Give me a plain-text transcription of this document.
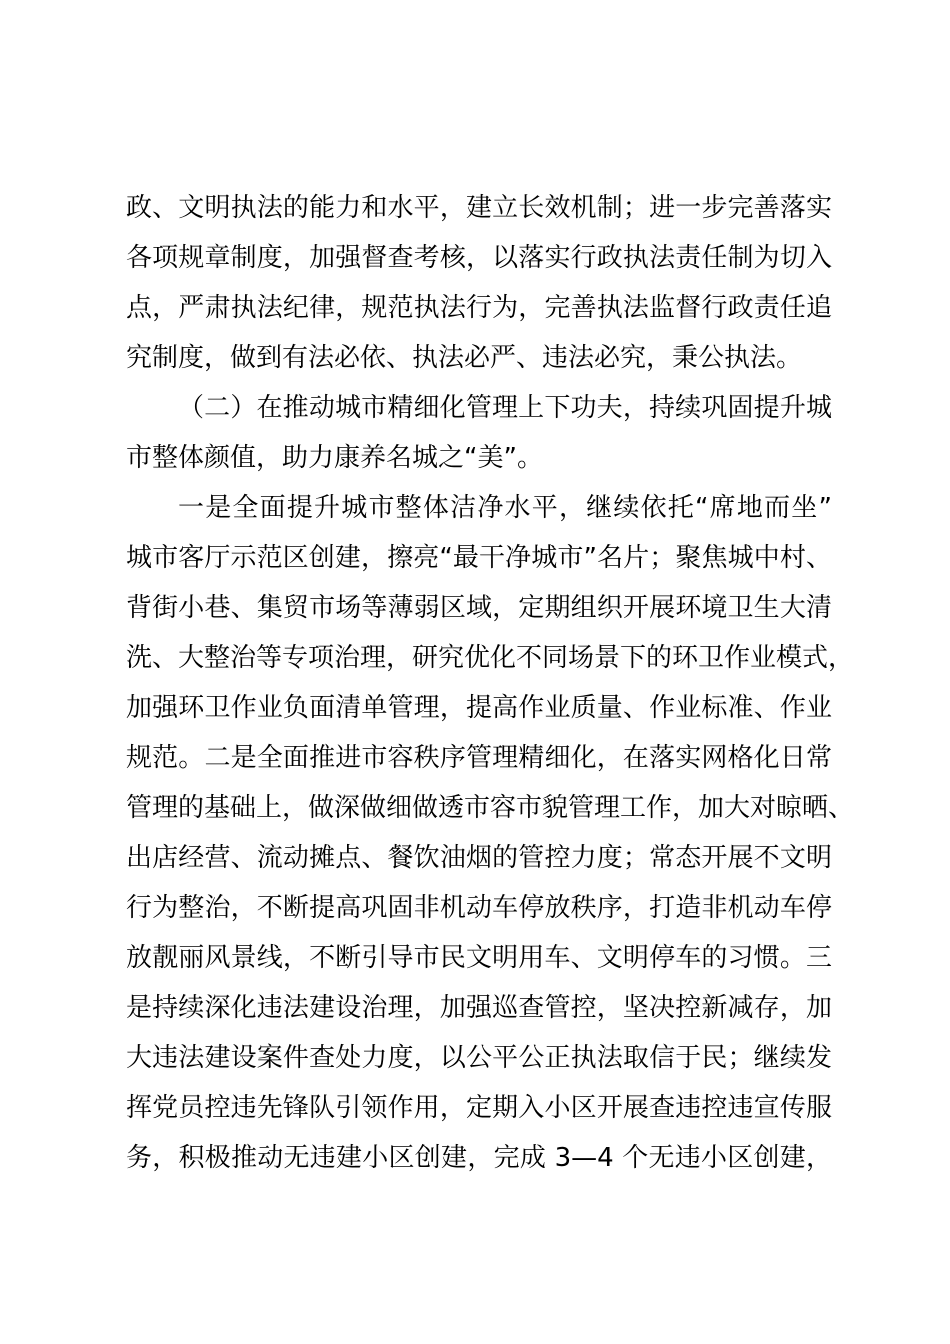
政、文明执法的能力和水平，建立长效机制；进一步完善落实
各项规章制度，加强督查考核，以落实行政执法责任制为切入
点，严肃执法纪律，规范执法行为，完善执法监督行政责任追
究制度，做到有法必依、执法必严、违法必究，秉公执法。
（二）在推动城市精细化管理上下功夫，持续巩固提升城
市整体颜值，助力康养名城之“美”。
一是全面提升城市整体洁净水平，继续依托“席地而坐”
城市客厅示范区创建，擦亮“最干净城市”名片；聚焦城中村、
背街小巷、集贸市场等薄弱区域，定期组织开展环境卫生大清
洗、大整治等专项治理，研究优化不同场景下的环卫作业模式，
加强环卫作业负面清单管理，提高作业质量、作业标准、作业
规范。二是全面推进市容秩序管理精细化，在落实网格化日常
管理的基础上，做深做细做透市容市貌管理工作，加大对晾晒、
出店经营、流动摊点、餐饮油烟的管控力度；常态开展不文明
行为整治，不断提高巩固非机动车停放秩序，打造非机动车停
放靓丽风景线，不断引导市民文明用车、文明停车的习惯。三
是持续深化违法建设治理，加强巡查管控，坚决控新减存，加
大违法建设案件查处力度，以公平公正执法取信于民；继续发
挥党员控违先锋队引领作用，定期入小区开展查违控违宣传服
务，积极推动无违建小区创建，完成 3—4 个无违小区创建，
